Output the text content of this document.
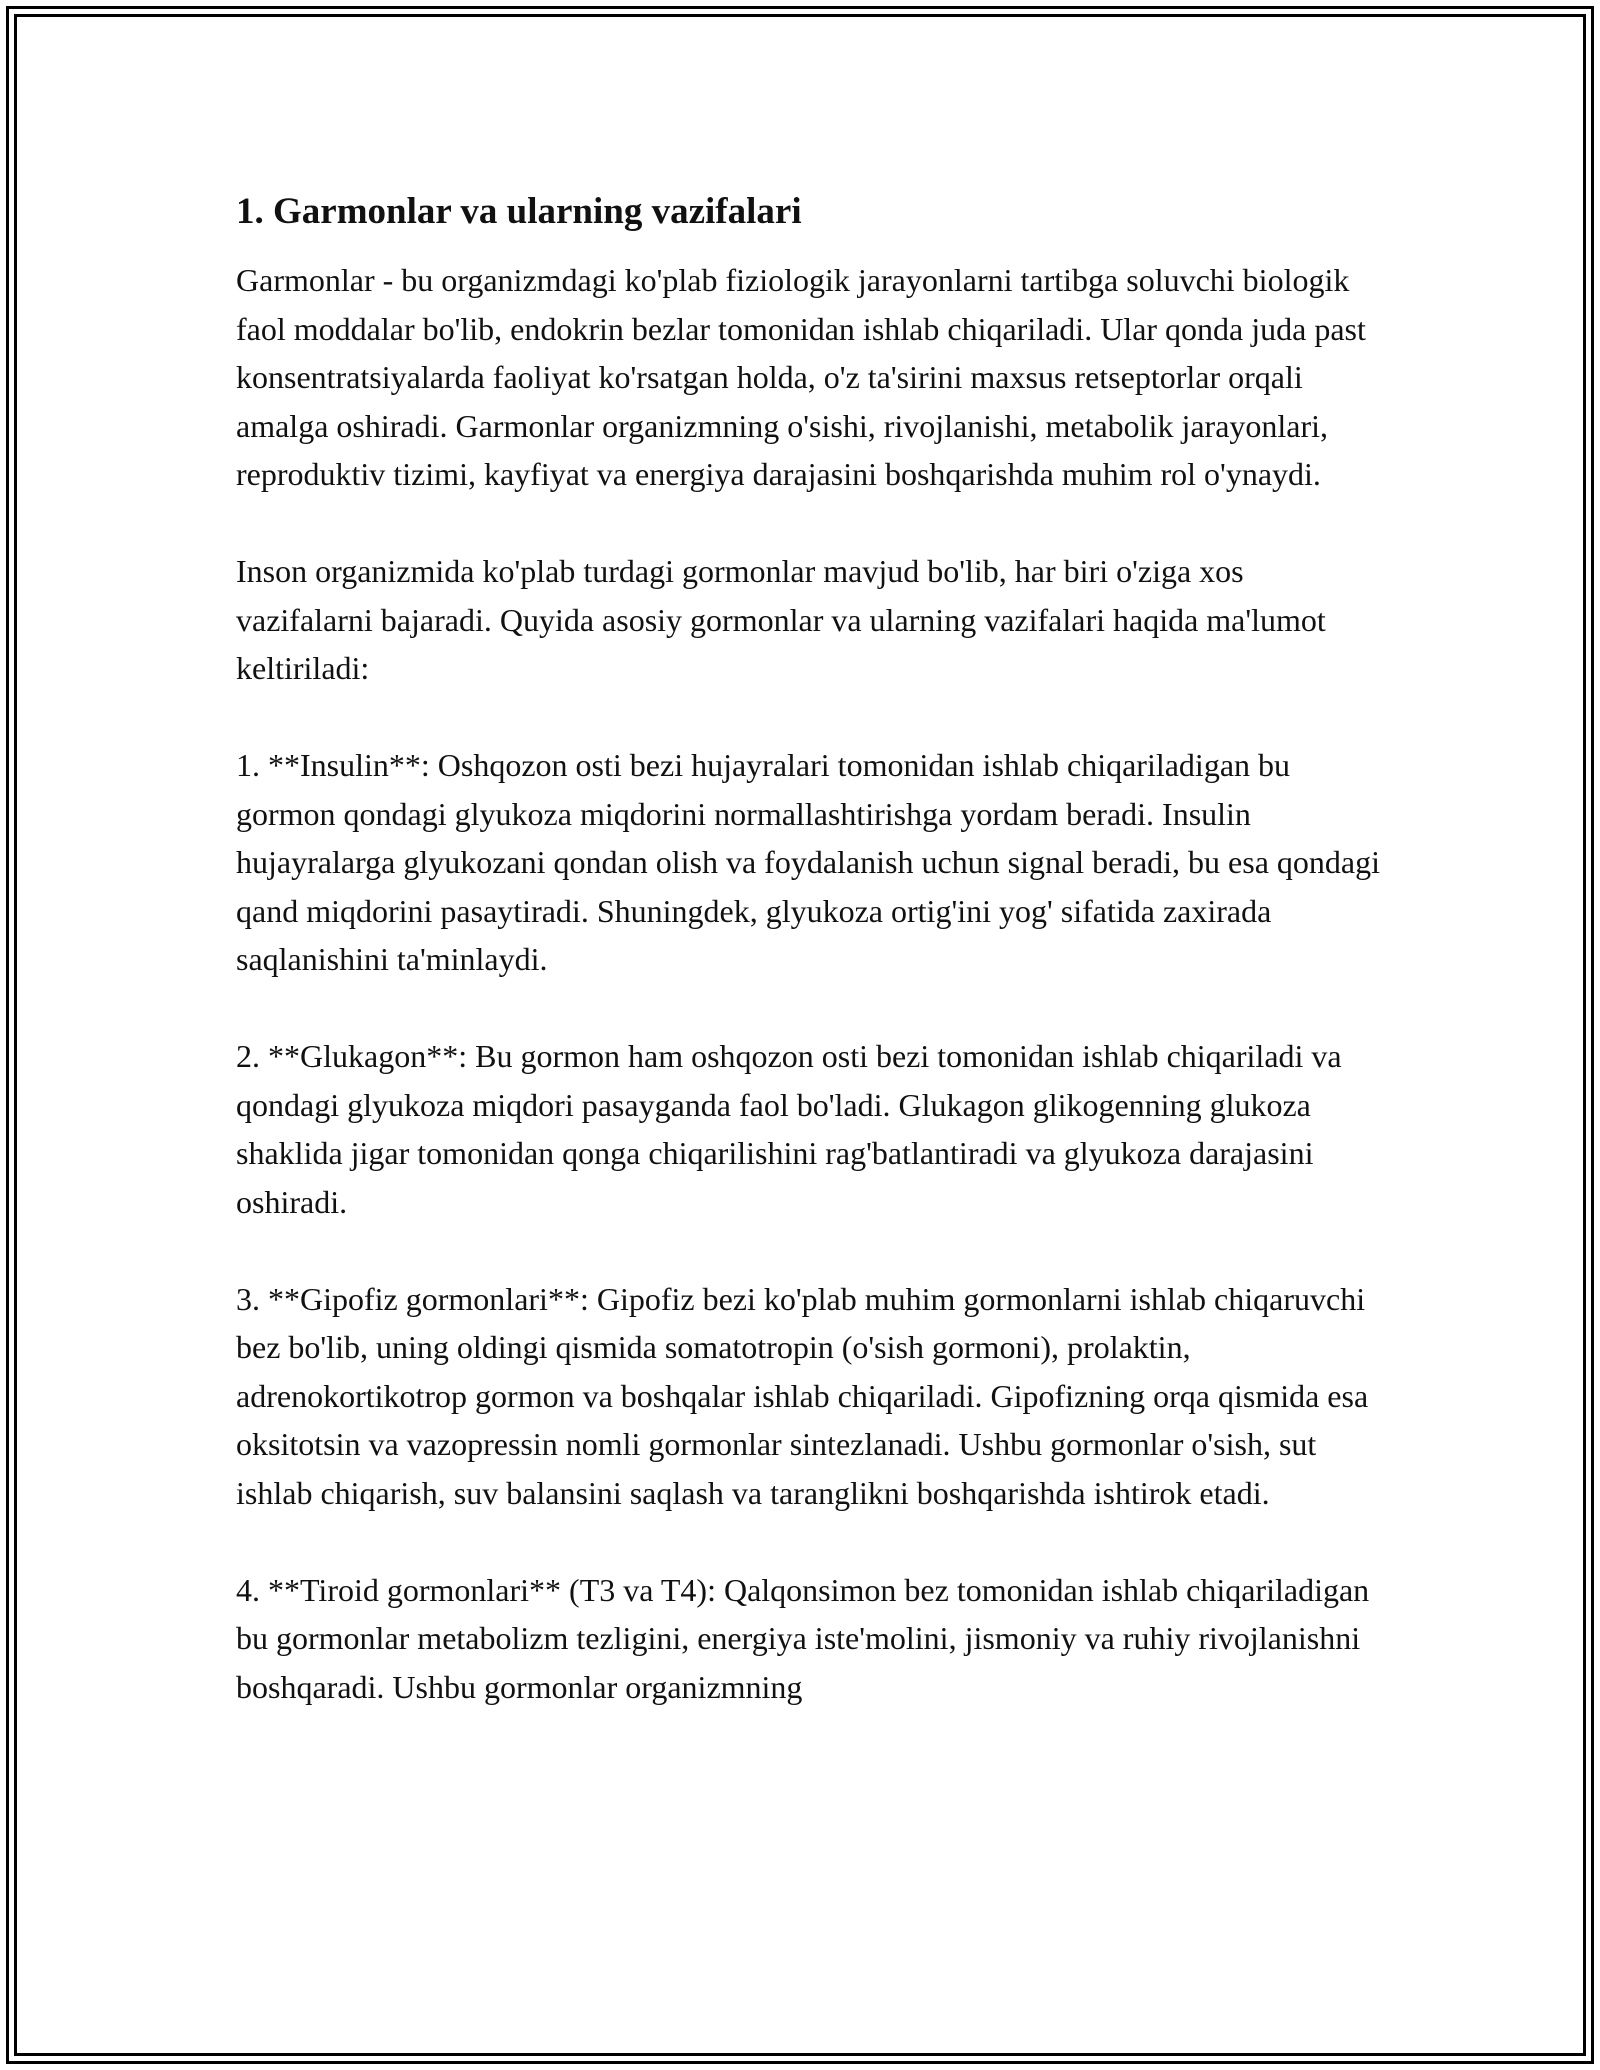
1. Garmonlar va ularning vazifalari

Garmonlar - bu organizmdagi ko'plab fiziologik jarayonlarni tartibga soluvchi biologik faol moddalar bo'lib, endokrin bezlar tomonidan ishlab chiqariladi. Ular qonda juda past konsentratsiyalarda faoliyat ko'rsatgan holda, o'z ta'sirini maxsus retseptorlar orqali amalga oshiradi. Garmonlar organizmning o'sishi, rivojlanishi, metabolik jarayonlari, reproduktiv tizimi, kayfiyat va energiya darajasini boshqarishda muhim rol o'ynaydi.

Inson organizmida ko'plab turdagi gormonlar mavjud bo'lib, har biri o'ziga xos vazifalarni bajaradi. Quyida asosiy gormonlar va ularning vazifalari haqida ma'lumot keltiriladi:

1. **Insulin**: Oshqozon osti bezi hujayralari tomonidan ishlab chiqariladigan bu gormon qondagi glyukoza miqdorini normallashtirishga yordam beradi. Insulin hujayralarga glyukozani qondan olish va foydalanish uchun signal beradi, bu esa qondagi qand miqdorini pasaytiradi. Shuningdek, glyukoza ortig'ini yog' sifatida zaxirada saqlanishini ta'minlaydi.

2. **Glukagon**: Bu gormon ham oshqozon osti bezi tomonidan ishlab chiqariladi va qondagi glyukoza miqdori pasayganda faol bo'ladi. Glukagon glikogenning glukoza shaklida jigar tomonidan qonga chiqarilishini rag'batlantiradi va glyukoza darajasini oshiradi.

3. **Gipofiz gormonlari**: Gipofiz bezi ko'plab muhim gormonlarni ishlab chiqaruvchi bez bo'lib, uning oldingi qismida somatotropin (o'sish gormoni), prolaktin, adrenokortikotrop gormon va boshqalar ishlab chiqariladi. Gipofizning orqa qismida esa oksitotsin va vazopressin nomli gormonlar sintezlanadi. Ushbu gormonlar o'sish, sut ishlab chiqarish, suv balansini saqlash va taranglikni boshqarishda ishtirok etadi.

4. **Tiroid gormonlari** (T3 va T4): Qalqonsimon bez tomonidan ishlab chiqariladigan bu gormonlar metabolizm tezligini, energiya iste'molini, jismoniy va ruhiy rivojlanishni boshqaradi. Ushbu gormonlar organizmning
